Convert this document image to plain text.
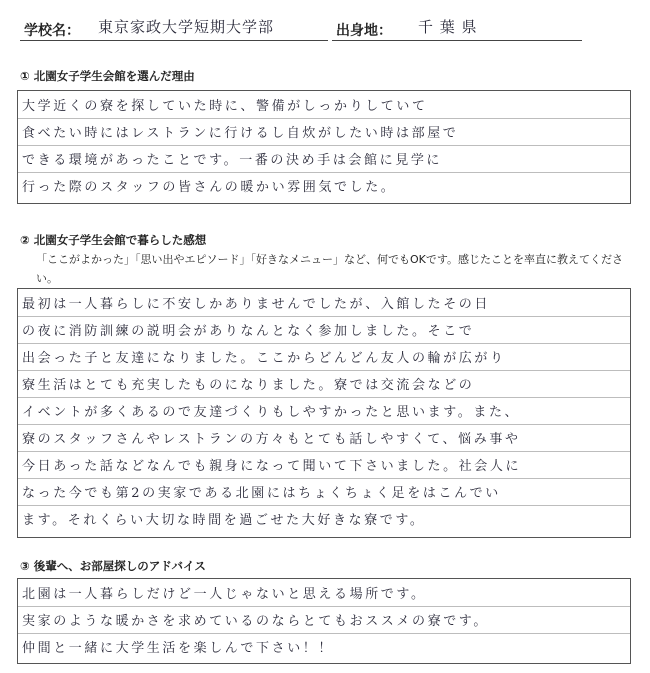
学校名： 東京家政大学短期大学部	出身地： 千 葉 県
① 北園女子学生会館を選んだ理由
大学近くの寮を探していた時に、警備がしっかりしていて
食べたい時にはレストランに行けるし自炊がしたい時は部屋で
できる環境があったことです。一番の決め手は会館に見学に
行った際のスタッフの皆さんの暖かい雰囲気でした。
② 北園女子学生会館で暮らした感想
「ここがよかった」「思い出やエピソード」「好きなメニュー」など、何でもOKです。感じたことを率直に教えてください。
最初は一人暮らしに不安しかありませんでしたが、入館したその日
の夜に消防訓練の説明会がありなんとなく参加しました。そこで
出会った子と友達になりました。ここからどんどん友人の輪が広がり
寮生活はとても充実したものになりました。寮では交流会などの
イベントが多くあるので友達づくりもしやすかったと思います。また、
寮のスタッフさんやレストランの方々もとても話しやすくて、悩み事や
今日あった話などなんでも親身になって聞いて下さいました。社会人に
なった今でも第2の実家である北園にはちょくちょく足をはこんでい
ます。それくらい大切な時間を過ごせた大好きな寮です。
③ 後輩へ、お部屋探しのアドバイス
北園は一人暮らしだけど一人じゃないと思える場所です。
実家のような暖かさを求めているのならとてもおススメの寮です。
仲間と一緒に大学生活を楽しんで下さい！！
